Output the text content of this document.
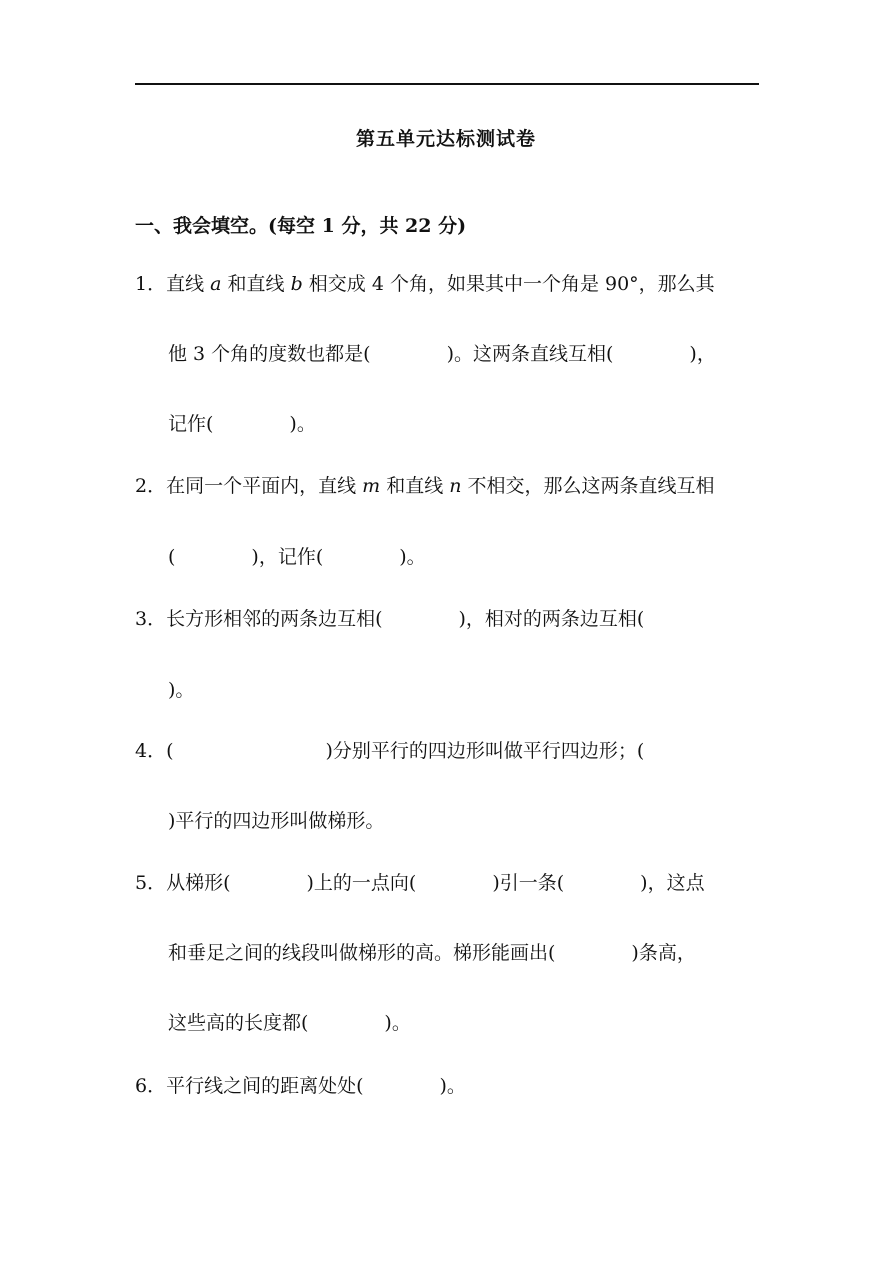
第五单元达标测试卷
一、我会填空。(每空 1 分，共 22 分)
1．直线 a 和直线 b 相交成 4 个角，如果其中一个角是 90°，那么其
他 3 个角的度数也都是(　　　　)。这两条直线互相(　　　　)，
记作(　　　　)。
2．在同一个平面内，直线 m 和直线 n 不相交，那么这两条直线互相
(　　　　)，记作(　　　　)。
3．长方形相邻的两条边互相(　　　　)，相对的两条边互相(
)。
4．(　　　　　　　　)分别平行的四边形叫做平行四边形；(
)平行的四边形叫做梯形。
5．从梯形(　　　　)上的一点向(　　　　)引一条(　　　　)，这点
和垂足之间的线段叫做梯形的高。梯形能画出(　　　　)条高，
这些高的长度都(　　　　)。
6．平行线之间的距离处处(　　　　)。
